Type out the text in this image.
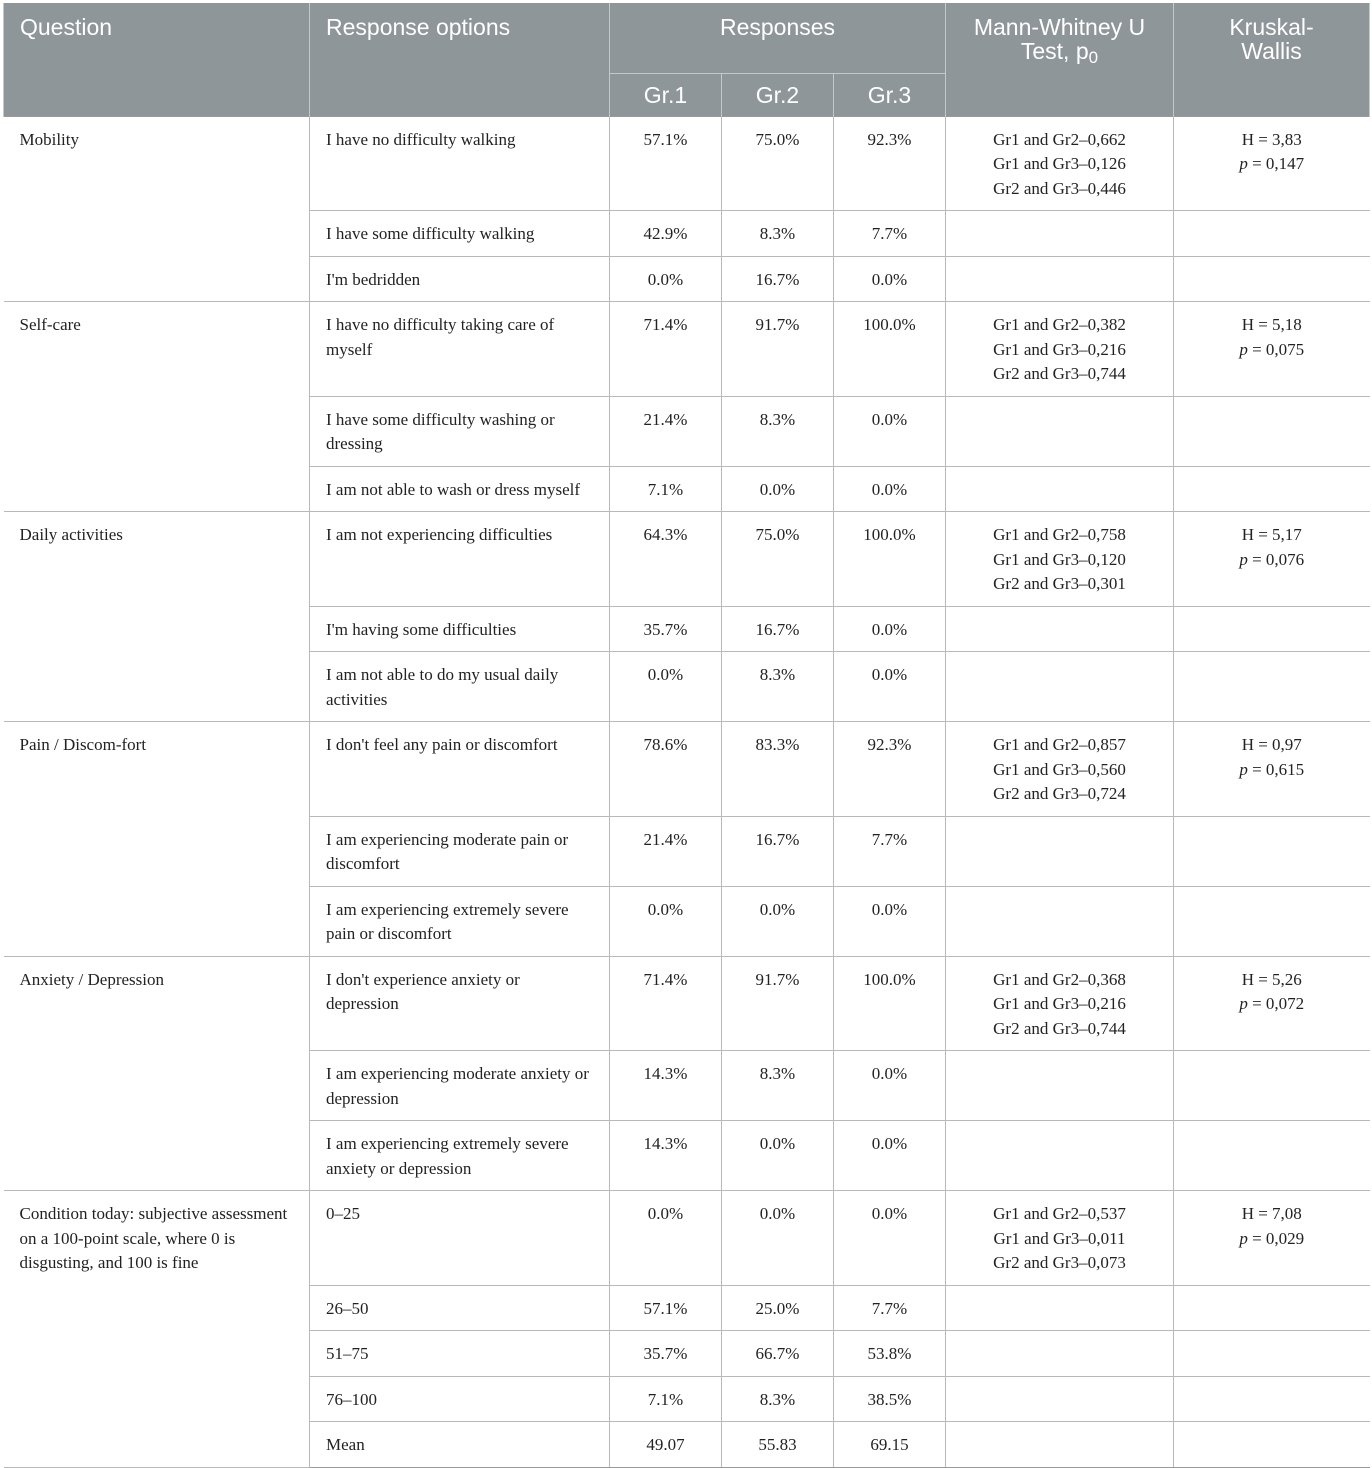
Question	Response options	Responses			Mann-Whitney U Test, $p_0$	Kruskal-
Wallis

		Gr.1	Gr.2	Gr.3		
Mobility	I have no difficulty walking	57.1%	75.0%	92.3%	Gr1 and Gr2–0,662
Gr1 and Gr3–0,126
Gr2 and Gr3–0,446	H = 3,83
p = 0,147

	I have some difficulty walking	42.9%	8.3%	7.7%		
	I'm bedridden	0.0%	16.7%	0.0%		
Self-care	I have no difficulty taking care of myself	71.4%	91.7%	100.0%	Gr1 and Gr2–0,382
Gr1 and Gr3–0,216
Gr2 and Gr3–0,744	H = 5,18
p = 0,075

	I have some difficulty washing or dressing	21.4%	8.3%	0.0%		
	I am not able to wash or dress myself	7.1%	0.0%	0.0%		
Daily activities	I am not experiencing difficulties	64.3%	75.0%	100.0%	Gr1 and Gr2–0,758
Gr1 and Gr3–0,120
Gr2 and Gr3–0,301	H = 5,17
p = 0,076

	I'm having some difficulties	35.7%	16.7%	0.0%		
	I am not able to do my usual daily activities	0.0%	8.3%	0.0%		
Pain / Discom-fort	I don't feel any pain or discomfort	78.6%	83.3%	92.3%	Gr1 and Gr2–0,857
Gr1 and Gr3–0,560
Gr2 and Gr3–0,724	H = 0,97
p = 0,615

	I am experiencing moderate pain or discomfort	21.4%	16.7%	7.7%		
	I am experiencing extremely severe pain or discomfort	0.0%	0.0%	0.0%		
Anxiety / Depression	I don't experience anxiety or depression	71.4%	91.7%	100.0%	Gr1 and Gr2–0,368
Gr1 and Gr3–0,216
Gr2 and Gr3–0,744	H = 5,26
p = 0,072

	I am experiencing moderate anxiety or depression	14.3%	8.3%	0.0%		
	I am experiencing extremely severe anxiety or depression	14.3%	0.0%	0.0%		
Condition today: subjective assessment on a 100-point scale, where 0 is disgusting, and 100 is fine	0–25	0.0%	0.0%	0.0%	Gr1 and Gr2–0,537
Gr1 and Gr3–0,011
Gr2 and Gr3–0,073	H = 7,08
p = 0,029

	26–50	57.1%	25.0%	7.7%		
	51–75	35.7%	66.7%	53.8%		
	76–100	7.1%	8.3%	38.5%		
	Mean	49.07	55.83	69.15		
